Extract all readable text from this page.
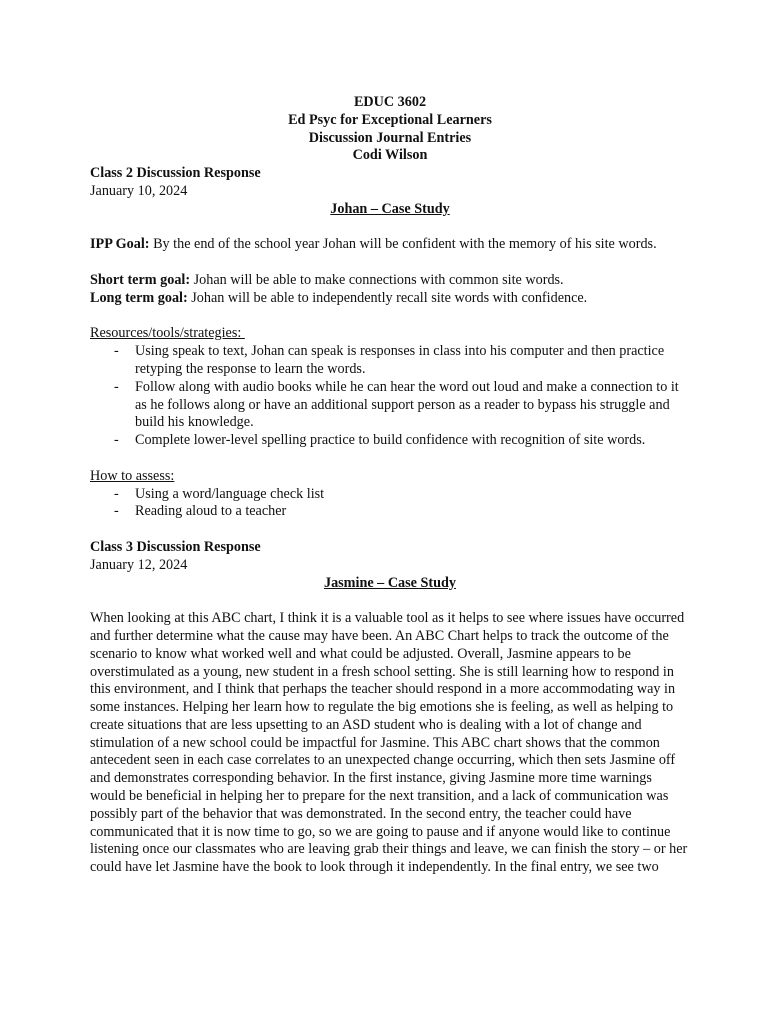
EDUC 3602
Ed Psyc for Exceptional Learners
Discussion Journal Entries
Codi Wilson
Class 2 Discussion Response
January 10, 2024
Johan – Case Study

IPP Goal: By the end of the school year Johan will be confident with the memory of his site words.

Short term goal: Johan will be able to make connections with common site words.

Long term goal: Johan will be able to independently recall site words with confidence.

Resources/tools/strategies:
- Using speak to text, Johan can speak is responses in class into his computer and then practice retyping the response to learn the words.
- Follow along with audio books while he can hear the word out loud and make a connection to it as he follows along or have an additional support person as a reader to bypass his struggle and build his knowledge.
- Complete lower-level spelling practice to build confidence with recognition of site words.
How to assess:
- Using a word/language check list
- Reading aloud to a teacher
Class 3 Discussion Response
January 12, 2024
Jasmine – Case Study

When looking at this ABC chart, I think it is a valuable tool as it helps to see where issues have occurred and further determine what the cause may have been. An ABC Chart helps to track the outcome of the scenario to know what worked well and what could be adjusted. Overall, Jasmine appears to be overstimulated as a young, new student in a fresh school setting. She is still learning how to respond in this environment, and I think that perhaps the teacher should respond in a more accommodating way in some instances. Helping her learn how to regulate the big emotions she is feeling, as well as helping to create situations that are less upsetting to an ASD student who is dealing with a lot of change and stimulation of a new school could be impactful for Jasmine. This ABC chart shows that the common antecedent seen in each case correlates to an unexpected change occurring, which then sets Jasmine off and demonstrates corresponding behavior. In the first instance, giving Jasmine more time warnings would be beneficial in helping her to prepare for the next transition, and a lack of communication was possibly part of the behavior that was demonstrated. In the second entry, the teacher could have communicated that it is now time to go, so we are going to pause and if anyone would like to continue listening once our classmates who are leaving grab their things and leave, we can finish the story – or her could have let Jasmine have the book to look through it independently. In the final entry, we see two
